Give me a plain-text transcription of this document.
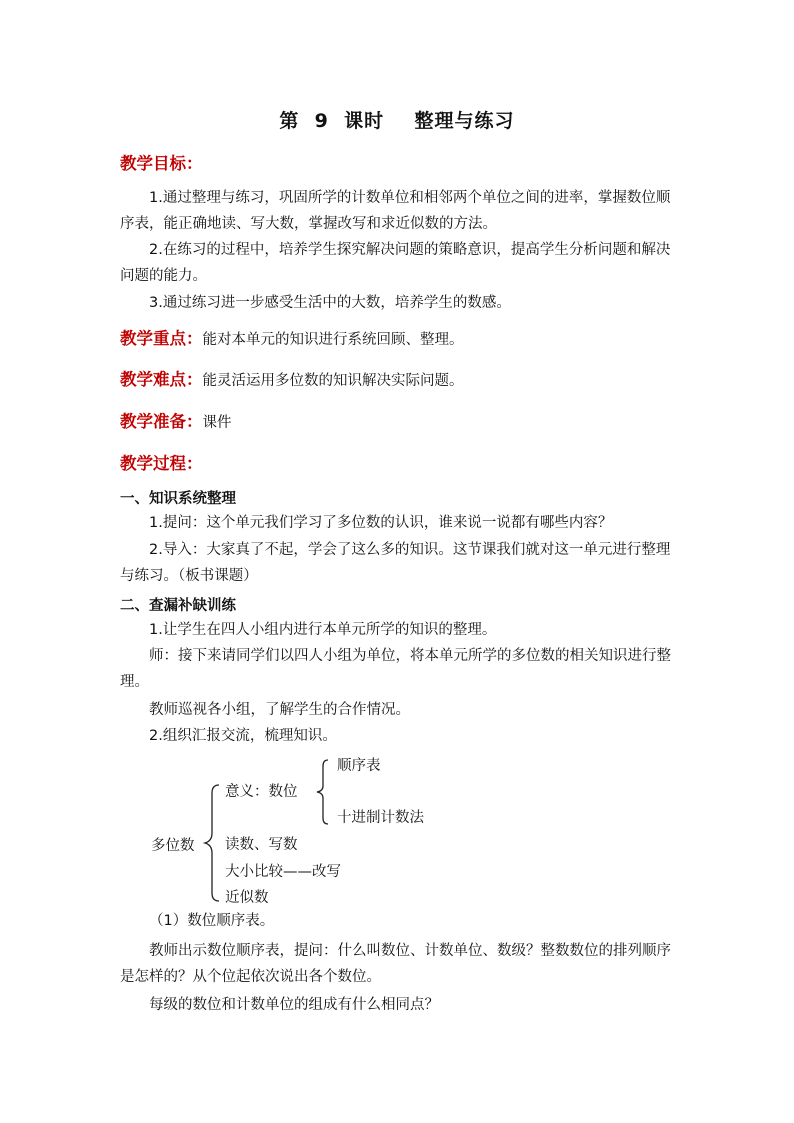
第  9  课时    整理与练习
教学目标：
1.通过整理与练习，巩固所学的计数单位和相邻两个单位之间的进率，掌握数位顺序表，能正确地读、写大数，掌握改写和求近似数的方法。
2.在练习的过程中，培养学生探究解决问题的策略意识，提高学生分析问题和解决问题的能力。
3.通过练习进一步感受生活中的大数，培养学生的数感。
教学重点：能对本单元的知识进行系统回顾、整理。
教学难点：能灵活运用多位数的知识解决实际问题。
教学准备：课件
教学过程：
一、知识系统整理
1.提问：这个单元我们学习了多位数的认识，谁来说一说都有哪些内容？
2.导入：大家真了不起，学会了这么多的知识。这节课我们就对这一单元进行整理与练习。（板书课题）
二、查漏补缺训练
1.让学生在四人小组内进行本单元所学的知识的整理。
师：接下来请同学们以四人小组为单位，将本单元所学的多位数的相关知识进行整理。
教师巡视各小组，了解学生的合作情况。
2.组织汇报交流，梳理知识。
多位数
意义：数位
顺序表
十进制计数法
读数、写数
大小比较——改写
近似数
（1）数位顺序表。
教师出示数位顺序表，提问：什么叫数位、计数单位、数级？整数数位的排列顺序是怎样的？从个位起依次说出各个数位。
每级的数位和计数单位的组成有什么相同点？
